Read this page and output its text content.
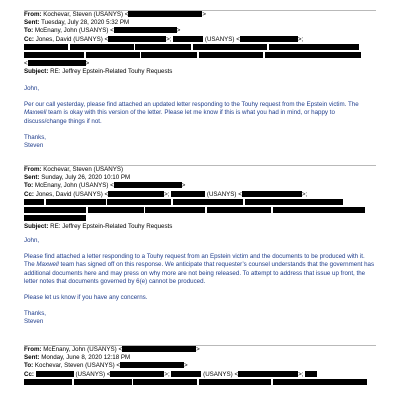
From: Kochevar, Steven (USANYS) <	>
Sent: Tuesday, July 28, 2020 5:32 PM
To: McEnany, John (USANYS) <	>
Cc: Jones, David (USANYS) <	>;	(USANYS) <	>;

<	>
Subject: RE: Jeffrey Epstein-Related Touhy Requests

John,

Per our call yesterday, please find attached an updated letter responding to the Touhy request from the Epstein victim. The Maxwell team is okay with this version of the letter. Please let me know if this is what you had in mind, or happy to discuss/change things if not.

Thanks,

Steven

From: Kochevar, Steven (USANYS)
Sent: Sunday, July 26, 2020 10:10 PM
To: McEnany, John (USANYS) <	>
Cc: Jones, David (USANYS) <	>;	(USANYS) <	>;

Subject: RE: Jeffrey Epstein-Related Touhy Requests

John,

Please find attached a letter responding to a Touhy request from an Epstein victim and the documents to be produced with it. The Maxwell team has signed off on this response. We anticipate that requester’s counsel understands that the government has additional documents here and may press on why more are not being released. To attempt to address that issue up front, the letter notes that documents governed by 6(e) cannot be produced.

Please let us know if you have any concerns.

Thanks,

Steven

From: McEnany, John (USANYS) <	>
Sent: Monday, June 8, 2020 12:18 PM
To: Kochevar, Steven (USANYS) <	>
Cc:	(USANYS) <	>;	(USANYS) <	>;
